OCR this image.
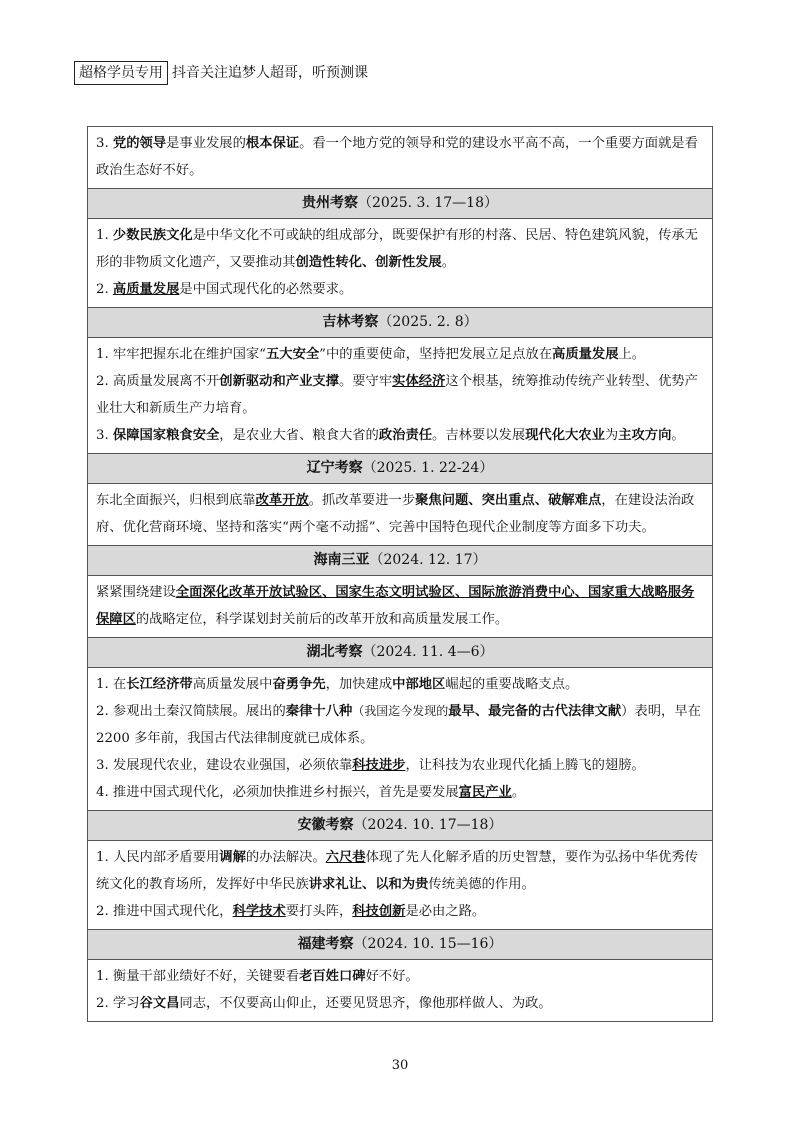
超格学员专用 抖音关注追梦人超哥，听预测课

3. 党的领导是事业发展的根本保证。看一个地方党的领导和党的建设水平高不高，一个重要方面就是看政治生态好不好。

贵州考察（2025. 3. 17—18）

1. 少数民族文化是中华文化不可或缺的组成部分，既要保护有形的村落、民居、特色建筑风貌，传承无形的非物质文化遗产，又要推动其创造性转化、创新性发展。

2. 高质量发展是中国式现代化的必然要求。

吉林考察（2025. 2. 8）

1. 牢牢把握东北在维护国家“五大安全”中的重要使命，坚持把发展立足点放在高质量发展上。

2. 高质量发展离不开创新驱动和产业支撑。要守牢实体经济这个根基，统筹推动传统产业转型、优势产业壮大和新质生产力培育。

3. 保障国家粮食安全，是农业大省、粮食大省的政治责任。吉林要以发展现代化大农业为主攻方向。

辽宁考察（2025. 1. 22-24）

东北全面振兴，归根到底靠改革开放。抓改革要进一步聚焦问题、突出重点、破解难点，在建设法治政府、优化营商环境、坚持和落实“两个毫不动摇”、完善中国特色现代企业制度等方面多下功夫。

海南三亚（2024. 12. 17）

紧紧围绕建设全面深化改革开放试验区、国家生态文明试验区、国际旅游消费中心、国家重大战略服务保障区的战略定位，科学谋划封关前后的改革开放和高质量发展工作。

湖北考察（2024. 11. 4—6）

1. 在长江经济带高质量发展中奋勇争先，加快建成中部地区崛起的重要战略支点。

2. 参观出土秦汉简牍展。展出的秦律十八种（我国迄今发现的最早、最完备的古代法律文献）表明，早在 2200 多年前，我国古代法律制度就已成体系。

3. 发展现代农业，建设农业强国，必须依靠科技进步，让科技为农业现代化插上腾飞的翅膀。

4. 推进中国式现代化，必须加快推进乡村振兴，首先是要发展富民产业。

安徽考察（2024. 10. 17—18）

1. 人民内部矛盾要用调解的办法解决。六尺巷体现了先人化解矛盾的历史智慧，要作为弘扬中华优秀传统文化的教育场所，发挥好中华民族讲求礼让、以和为贵传统美德的作用。

2. 推进中国式现代化，科学技术要打头阵，科技创新是必由之路。

福建考察（2024. 10. 15—16）

1. 衡量干部业绩好不好，关键要看老百姓口碑好不好。

2. 学习谷文昌同志，不仅要高山仰止，还要见贤思齐，像他那样做人、为政。

30
